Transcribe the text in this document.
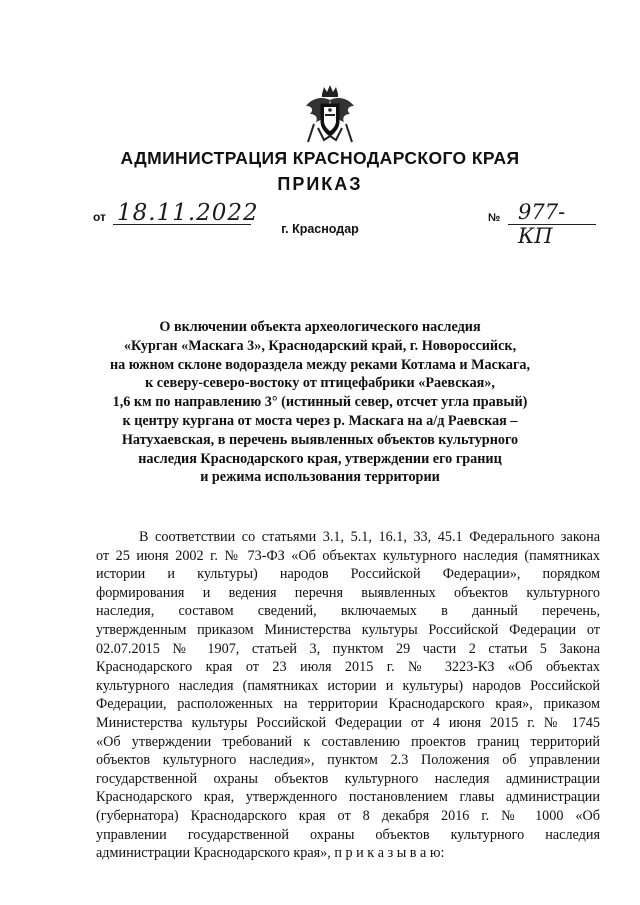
АДМИНИСТРАЦИЯ КРАСНОДАРСКОГО КРАЯ
ПРИКАЗ
от 18.11.2022	№ 977-КП
г. Краснодар
О включении объекта археологического наследия
«Курган «Маскага 3», Краснодарский край, г. Новороссийск,
на южном склоне водораздела между реками Котлама и Маскага,
к северу-северо-востоку от птицефабрики «Раевская»,
1,6 км по направлению 3° (истинный север, отсчет угла правый)
к центру кургана от моста через р. Маскага на а/д Раевская –
Натухаевская, в перечень выявленных объектов культурного
наследия Краснодарского края, утверждении его границ
и режима использования территории
В соответствии со статьями 3.1, 5.1, 16.1, 33, 45.1 Федерального закона
от 25 июня 2002 г. № 73-ФЗ «Об объектах культурного наследия (памятниках
истории и культуры) народов Российской Федерации», порядком
формирования и ведения перечня выявленных объектов культурного
наследия, составом сведений, включаемых в данный перечень,
утвержденным приказом Министерства культуры Российской Федерации от
02.07.2015 № 1907, статьей 3, пунктом 29 части 2 статьи 5 Закона
Краснодарского края от 23 июля 2015 г. № 3223-КЗ «Об объектах
культурного наследия (памятниках истории и культуры) народов Российской
Федерации, расположенных на территории Краснодарского края», приказом
Министерства культуры Российской Федерации от 4 июня 2015 г. № 1745
«Об утверждении требований к составлению проектов границ территорий
объектов культурного наследия», пунктом 2.3 Положения об управлении
государственной охраны объектов культурного наследия администрации
Краснодарского края, утвержденного постановлением главы администрации
(губернатора) Краснодарского края от 8 декабря 2016 г. № 1000 «Об
управлении государственной охраны объектов культурного наследия
администрации Краснодарского края», п р и к а з ы в а ю:
